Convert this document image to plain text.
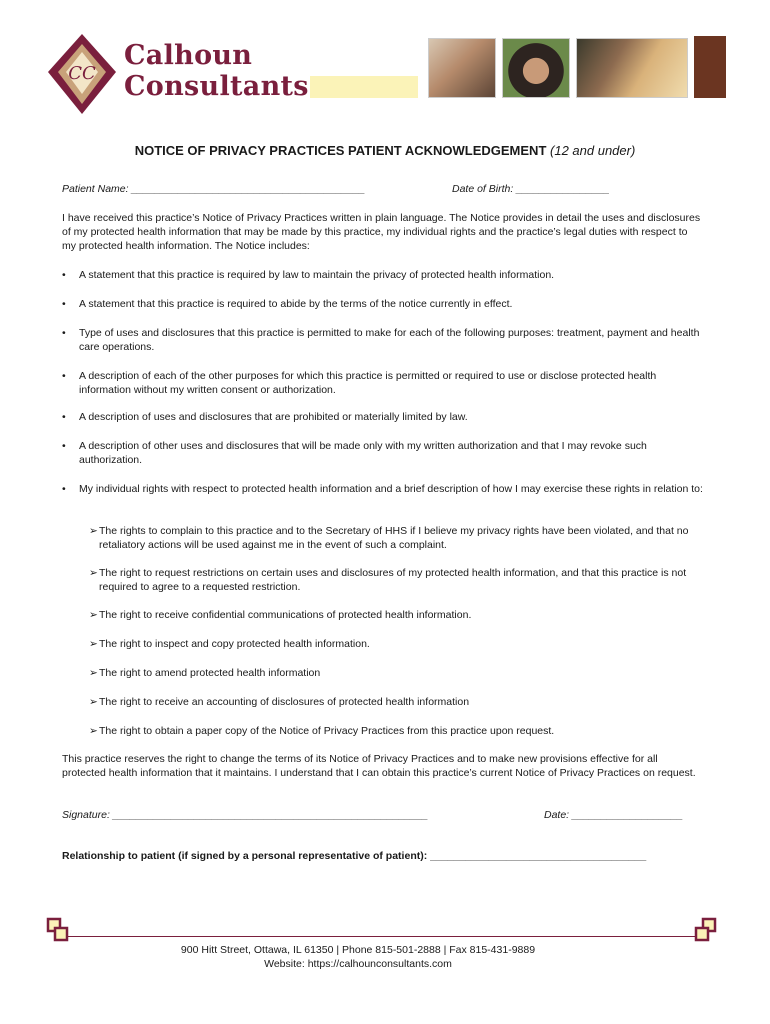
CC
Calhoun
Consultants
NOTICE OF PRIVACY PRACTICES PATIENT ACKNOWLEDGEMENT (12 and under)
Patient Name: ________________________________________	Date of Birth: ________________
I have received this practice’s Notice of Privacy Practices written in plain language. The Notice provides in detail the uses and disclosures of my protected health information that may be made by this practice, my individual rights and the practice’s legal duties with respect to my protected health information. The Notice includes:
• A statement that this practice is required by law to maintain the privacy of protected health information.
• A statement that this practice is required to abide by the terms of the notice currently in effect.
• Type of uses and disclosures that this practice is permitted to make for each of the following purposes: treatment, payment and health care operations.
• A description of each of the other purposes for which this practice is permitted or required to use or disclose protected health information without my written consent or authorization.
• A description of uses and disclosures that are prohibited or materially limited by law.
• A description of other uses and disclosures that will be made only with my written authorization and that I may revoke such authorization.
• My individual rights with respect to protected health information and a brief description of how I may exercise these rights in relation to:
➢ The rights to complain to this practice and to the Secretary of HHS if I believe my privacy rights have been violated, and that no retaliatory actions will be used against me in the event of such a complaint.
➢ The right to request restrictions on certain uses and disclosures of my protected health information, and that this practice is not required to agree to a requested restriction.
➢ The right to receive confidential communications of protected health information.
➢ The right to inspect and copy protected health information.
➢ The right to amend protected health information
➢ The right to receive an accounting of disclosures of protected health information
➢ The right to obtain a paper copy of the Notice of Privacy Practices from this practice upon request.
This practice reserves the right to change the terms of its Notice of Privacy Practices and to make new provisions effective for all protected health information that it maintains. I understand that I can obtain this practice’s current Notice of Privacy Practices on request.
Signature: ______________________________________________________	Date: ___________________
Relationship to patient (if signed by a personal representative of patient): _____________________________________
900 Hitt Street, Ottawa, IL 61350 | Phone 815-501-2888 | Fax 815-431-9889
Website: https://calhounconsultants.com
